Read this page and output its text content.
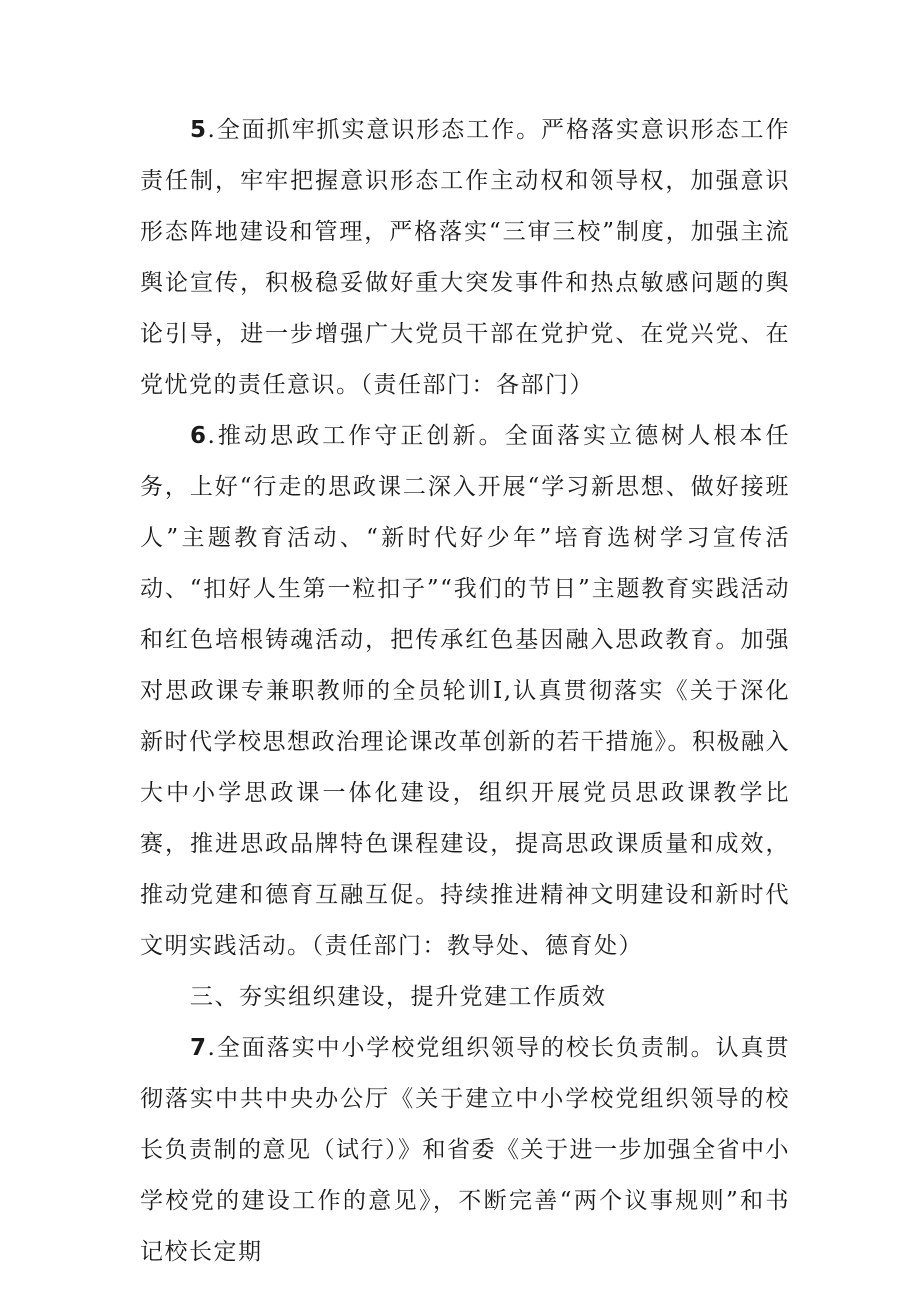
5.全面抓牢抓实意识形态工作。严格落实意识形态工作责任制，牢牢把握意识形态工作主动权和领导权，加强意识形态阵地建设和管理，严格落实“三审三校”制度，加强主流舆论宣传，积极稳妥做好重大突发事件和热点敏感问题的舆论引导，进一步增强广大党员干部在党护党、在党兴党、在党忧党的责任意识。（责任部门：各部门）

6.推动思政工作守正创新。全面落实立德树人根本任务，上好“行走的思政课二深入开展“学习新思想、做好接班人”主题教育活动、“新时代好少年”培育选树学习宣传活动、“扣好人生第一粒扣子”“我们的节日”主题教育实践活动和红色培根铸魂活动，把传承红色基因融入思政教育。加强对思政课专兼职教师的全员轮训I,认真贯彻落实《关于深化新时代学校思想政治理论课改革创新的若干措施》。积极融入大中小学思政课一体化建设，组织开展党员思政课教学比赛，推进思政品牌特色课程建设，提高思政课质量和成效，推动党建和德育互融互促。持续推进精神文明建设和新时代文明实践活动。（责任部门：教导处、德育处）

三、夯实组织建设，提升党建工作质效

7.全面落实中小学校党组织领导的校长负责制。认真贯彻落实中共中央办公厅《关于建立中小学校党组织领导的校长负责制的意见（试行）》和省委《关于进一步加强全省中小学校党的建设工作的意见》，不断完善“两个议事规则”和书记校长定期
